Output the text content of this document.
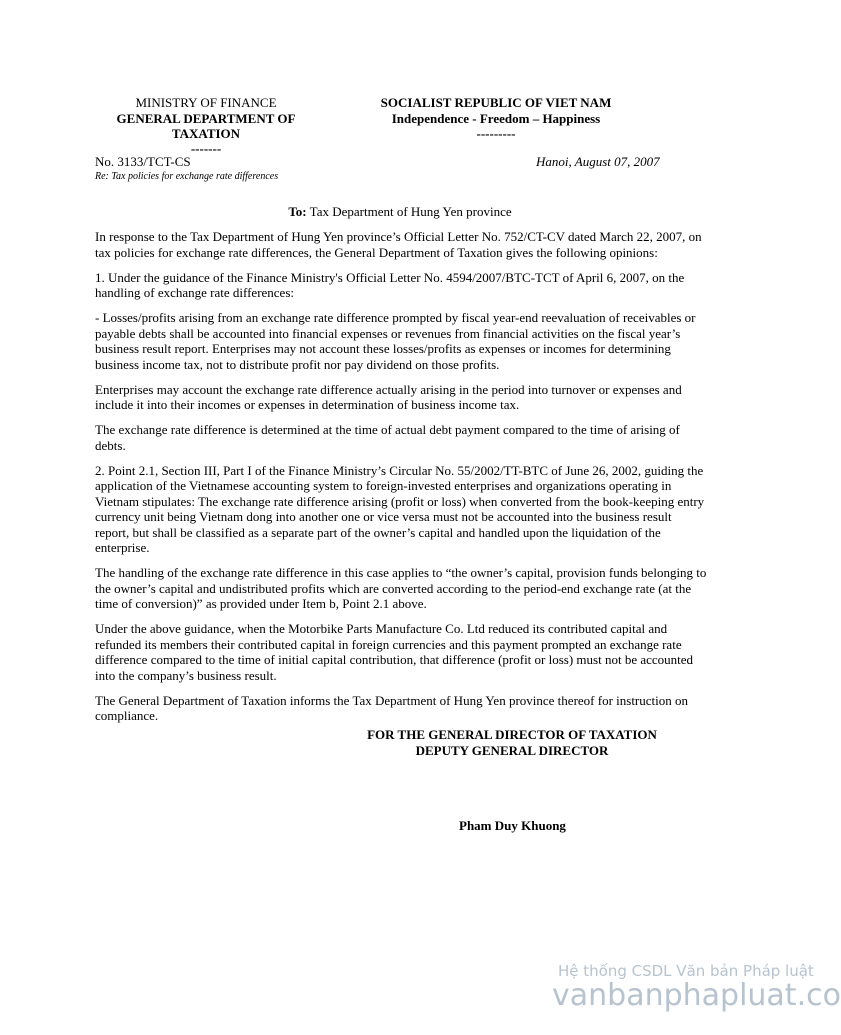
MINISTRY OF FINANCE
GENERAL DEPARTMENT OF
TAXATION
-------
SOCIALIST REPUBLIC OF VIET NAM
Independence - Freedom – Happiness
---------
No. 3133/TCT-CS
Re: Tax policies for exchange rate differences
Hanoi, August 07, 2007
To: Tax Department of Hung Yen province

In response to the Tax Department of Hung Yen province’s Official Letter No. 752/CT-CV dated March 22, 2007, on tax policies for exchange rate differences, the General Department of Taxation gives the following opinions:

1. Under the guidance of the Finance Ministry's Official Letter No. 4594/2007/BTC-TCT of April 6, 2007, on the handling of exchange rate differences:

- Losses/profits arising from an exchange rate difference prompted by fiscal year-end reevaluation of receivables or payable debts shall be accounted into financial expenses or revenues from financial activities on the fiscal year’s business result report. Enterprises may not account these losses/profits as expenses or incomes for determining business income tax, not to distribute profit nor pay dividend on those profits.

Enterprises may account the exchange rate difference actually arising in the period into turnover or expenses and include it into their incomes or expenses in determination of business income tax.

The exchange rate difference is determined at the time of actual debt payment compared to the time of arising of debts.

2. Point 2.1, Section III, Part I of the Finance Ministry’s Circular No. 55/2002/TT-BTC of June 26, 2002, guiding the application of the Vietnamese accounting system to foreign-invested enterprises and organizations operating in Vietnam stipulates: The exchange rate difference arising (profit or loss) when converted from the book-keeping entry currency unit being Vietnam dong into another one or vice versa must not be accounted into the business result report, but shall be classified as a separate part of the owner’s capital and handled upon the liquidation of the enterprise.

The handling of the exchange rate difference in this case applies to “the owner’s capital, provision funds belonging to the owner’s capital and undistributed profits which are converted according to the period-end exchange rate (at the time of conversion)” as provided under Item b, Point 2.1 above.

Under the above guidance, when the Motorbike Parts Manufacture Co. Ltd reduced its contributed capital and refunded its members their contributed capital in foreign currencies and this payment prompted an exchange rate difference compared to the time of initial capital contribution, that difference (profit or loss) must not be accounted into the company’s business result.

The General Department of Taxation informs the Tax Department of Hung Yen province thereof for instruction on compliance.

FOR THE GENERAL DIRECTOR OF TAXATION
DEPUTY GENERAL DIRECTOR
Pham Duy Khuong
Hệ thống CSDL Văn bản Pháp luật
vanbanphapluat.co
